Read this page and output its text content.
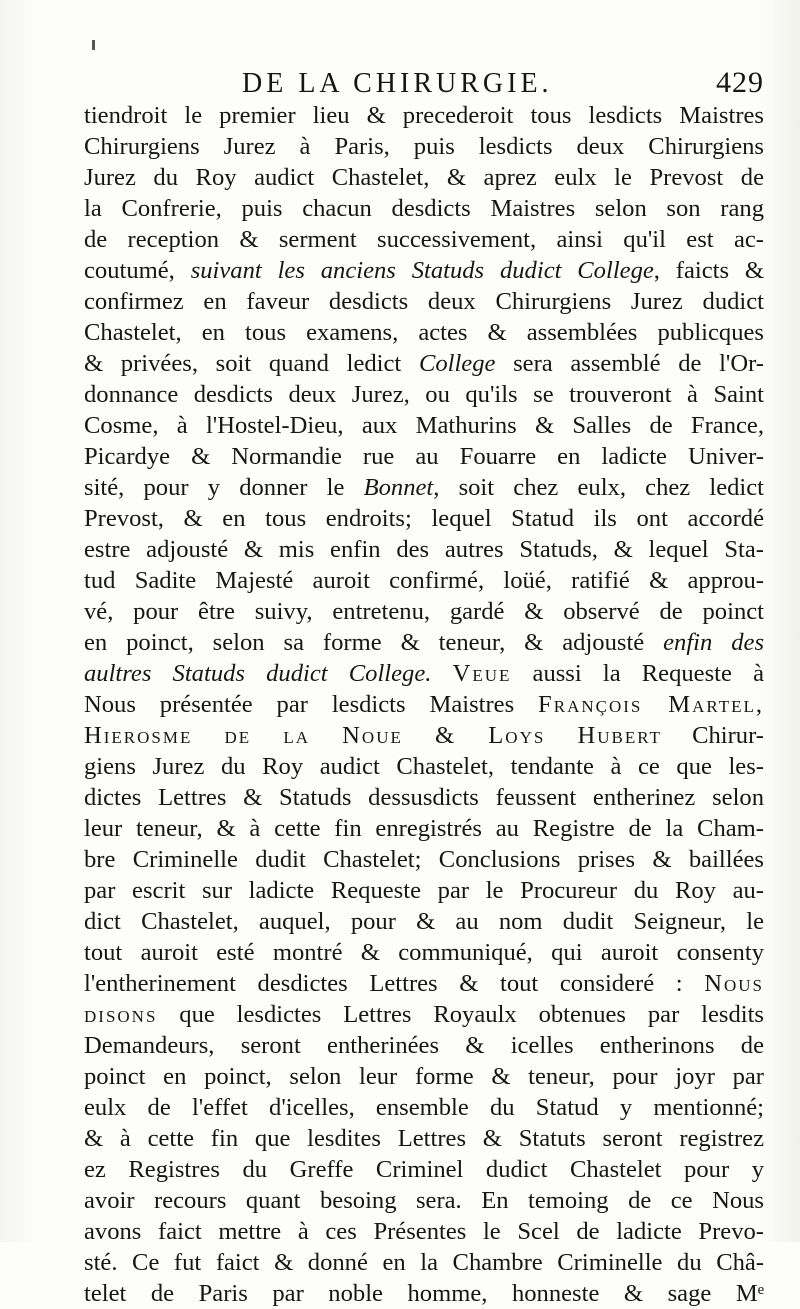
DE LA CHIRURGIE.	429
tiendroit le premier lieu & precederoit tous lesdicts Maistres
Chirurgiens Jurez à Paris, puis lesdicts deux Chirurgiens
Jurez du Roy audict Chastelet, & aprez eulx le Prevost de
la Confrerie, puis chacun desdicts Maistres selon son rang
de reception & serment successivement, ainsi qu'il est ac-
coutumé, suivant les anciens Statuds dudict College, faicts &
confirmez en faveur desdicts deux Chirurgiens Jurez dudict
Chastelet, en tous examens, actes & assemblées publicques
& privées, soit quand ledict College sera assemblé de l'Or-
donnance desdicts deux Jurez, ou qu'ils se trouveront à Saint
Cosme, à l'Hostel-Dieu, aux Mathurins & Salles de France,
Picardye & Normandie rue au Fouarre en ladicte Univer-
sité, pour y donner le Bonnet, soit chez eulx, chez ledict
Prevost, & en tous endroits; lequel Statud ils ont accordé
estre adjousté & mis enfin des autres Statuds, & lequel Sta-
tud Sadite Majesté auroit confirmé, loüé, ratifié & approu-
vé, pour être suivy, entretenu, gardé & observé de poinct
en poinct, selon sa forme & teneur, & adjousté enfin des
aultres Statuds dudict College. Veue aussi la Requeste à
Nous présentée par lesdicts Maistres François Martel,
Hierosme de la Noue & Loys Hubert Chirur-
giens Jurez du Roy audict Chastelet, tendante à ce que les-
dictes Lettres & Statuds dessusdicts feussent entherinez selon
leur teneur, & à cette fin enregistrés au Registre de la Cham-
bre Criminelle dudit Chastelet; Conclusions prises & baillées
par escrit sur ladicte Requeste par le Procureur du Roy au-
dict Chastelet, auquel, pour & au nom dudit Seigneur, le
tout auroit esté montré & communiqué, qui auroit consenty
l'entherinement desdictes Lettres & tout consideré : Nous
disons que lesdictes Lettres Royaulx obtenues par lesdits
Demandeurs, seront entherinées & icelles entherinons de
poinct en poinct, selon leur forme & teneur, pour joyr par
eulx de l'effet d'icelles, ensemble du Statud y mentionné;
& à cette fin que lesdites Lettres & Statuts seront registrez
ez Registres du Greffe Criminel dudict Chastelet pour y
avoir recours quant besoing sera. En temoing de ce Nous
avons faict mettre à ces Présentes le Scel de ladicte Prevo-
sté. Ce fut faict & donné en la Chambre Criminelle du Châ-
telet de Paris par noble homme, honneste & sage Mᵉ
